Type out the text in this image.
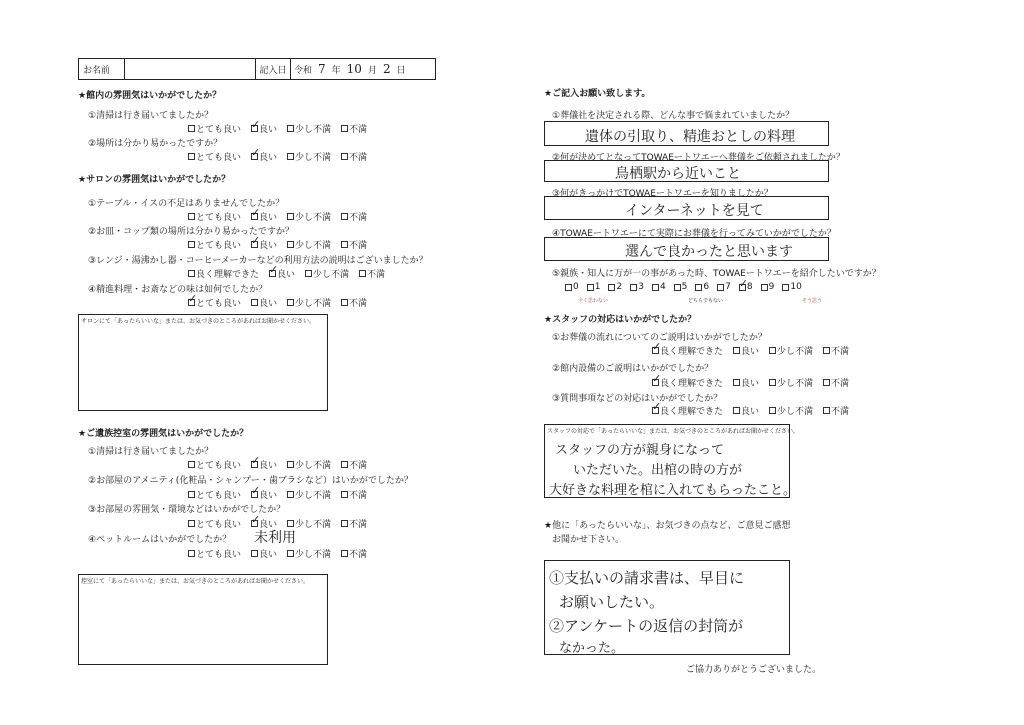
お名前	記入日 令和 7 年 10 月 2 日
★館内の雰囲気はいかがでしたか？
①清掃は行き届いてましたか？
とても良い ✓ 良い 少し不満 不満
②場所は分かり易かったですか？
とても良い ✓ 良い 少し不満 不満
★サロンの雰囲気はいかがでしたか？
①テーブル・イスの不足はありませんでしたか？
とても良い ✓ 良い 少し不満 不満
②お皿・コップ類の場所は分かり易かったですか？
とても良い ✓ 良い 少し不満 不満
③レンジ・湯沸かし器・コーヒーメーカーなどの利用方法の説明はございましたか？
良く理解できた ✓ 良い 少し不満 不満
④精進料理・お斎などの味は如何でしたか？
✓
とても良い 良い 少し不満 不満
サロンにて「あったらいいな」または、お気づきのところがあればお聞かせください。
★ご遺族控室の雰囲気はいかがでしたか？
①清掃は行き届いてましたか？
とても良い ✓ 良い 少し不満 不満
②お部屋のアメニティ(化粧品・シャンプー・歯ブラシなど）はいかがでしたか？
とても良い ✓ 良い 少し不満 不満
③お部屋の雰囲気・環境などはいかがでしたか？
とても良い ✓ 良い 少し不満 不満
④ペットルームはいかがでしたか？ 未利用
とても良い 良い 少し不満 不満
控室にて「あったらいいな」または、お気づきのところがあればお聞かせください。
★ご記入お願い致します。
①葬儀社を決定される際、どんな事で悩まれていましたか？
遺体の引取り、精進おとしの料理
②何が決めてとなってTOWAEートワエーへ葬儀をご依頼されましたか？
鳥栖駅から近いこと
③何がきっかけでTOWAEートワエーを知りましたか？
インターネットを見て
④TOWAEートワエーにて実際にお葬儀を行ってみていかがでしたか？
選んで良かったと思います
⑤親族・知人に万が一の事があった時、TOWAEートワエーを紹介したいですか？
0 1 2 3 4 5 6 7 ✓ 8 9 10
全く思わない	どちらでもない	そう思う
★スタッフの対応はいかがでしたか？
①お葬儀の流れについてのご説明はいかがでしたか？
✓
良く理解できた 良い 少し不満 不満
②館内設備のご説明はいかがでしたか？
✓
良く理解できた 良い 少し不満 不満
③質問事項などの対応はいかがでしたか？
✓
良く理解できた 良い 少し不満 不満
スタッフの対応で「あったらいいな」または、お気づきのところがあればお聞かせください。
スタッフの方が親身になって
いただいた。出棺の時の方が
大好きな料理を棺に入れてもらったこと。
★他に「あったらいいな」、お気づきの点など、ご意見ご感想
お聞かせ下さい。
①支払いの請求書は、早目に
お願いしたい。
②アンケートの返信の封筒が
なかった。
ご協力ありがとうございました。
